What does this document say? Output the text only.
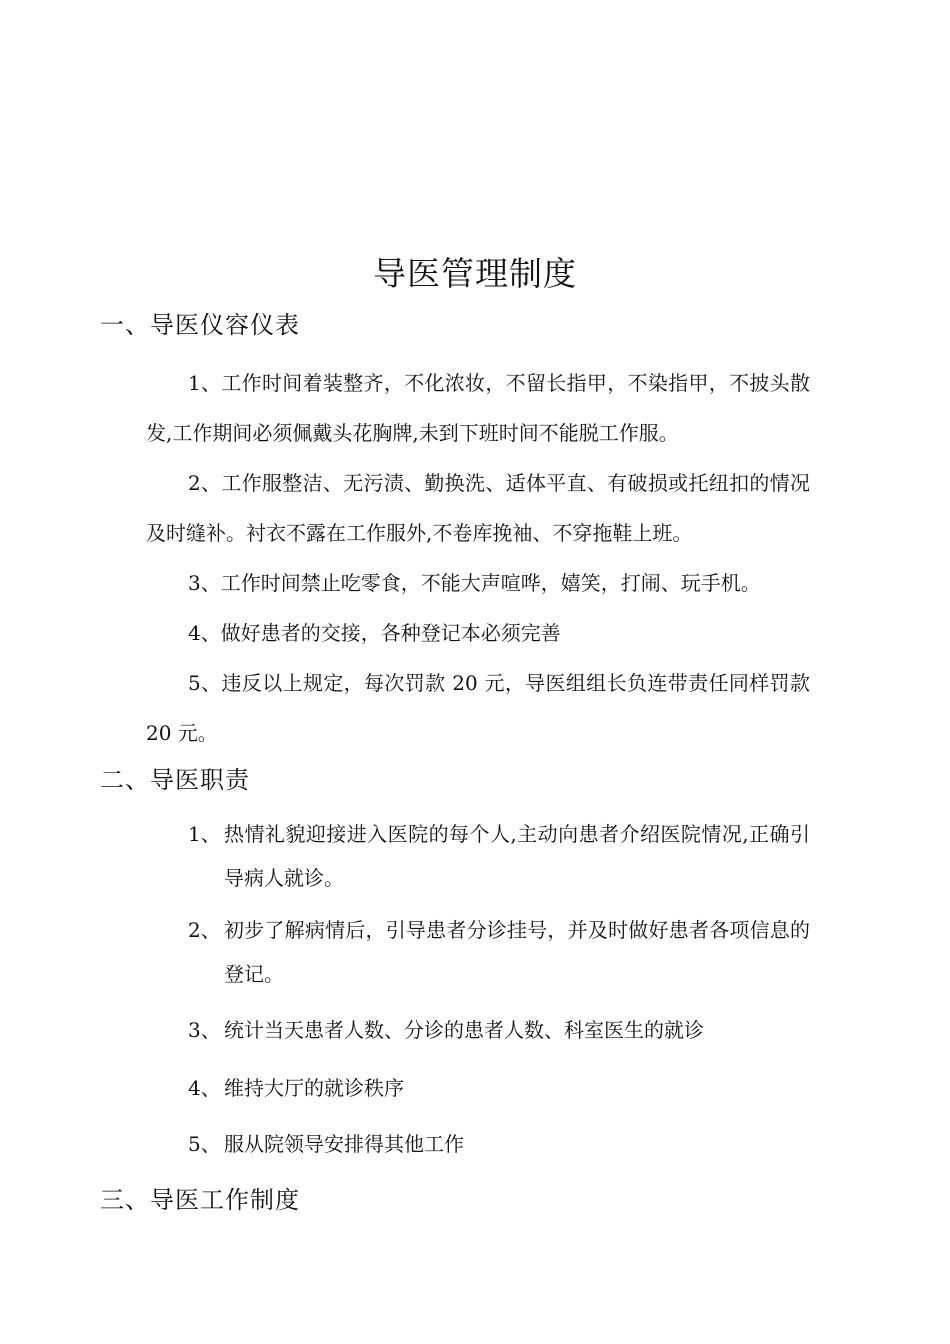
导医管理制度
一、导医仪容仪表
1、工作时间着装整齐，不化浓妆，不留长指甲，不染指甲，不披头散发,工作期间必须佩戴头花胸牌,未到下班时间不能脱工作服。
2、工作服整洁、无污渍、勤换洗、适体平直、有破损或托纽扣的情况及时缝补。衬衣不露在工作服外,不卷库挽袖、不穿拖鞋上班。
3、工作时间禁止吃零食，不能大声喧哗，嬉笑，打闹、玩手机。
4、做好患者的交接，各种登记本必须完善
5、违反以上规定，每次罚款 20 元，导医组组长负连带责任同样罚款 20 元。
二、导医职责
1、 热情礼貌迎接进入医院的每个人,主动向患者介绍医院情况,正确引导病人就诊。
2、 初步了解病情后，引导患者分诊挂号，并及时做好患者各项信息的登记。
3、 统计当天患者人数、分诊的患者人数、科室医生的就诊
4、 维持大厅的就诊秩序
5、 服从院领导安排得其他工作
三、导医工作制度
